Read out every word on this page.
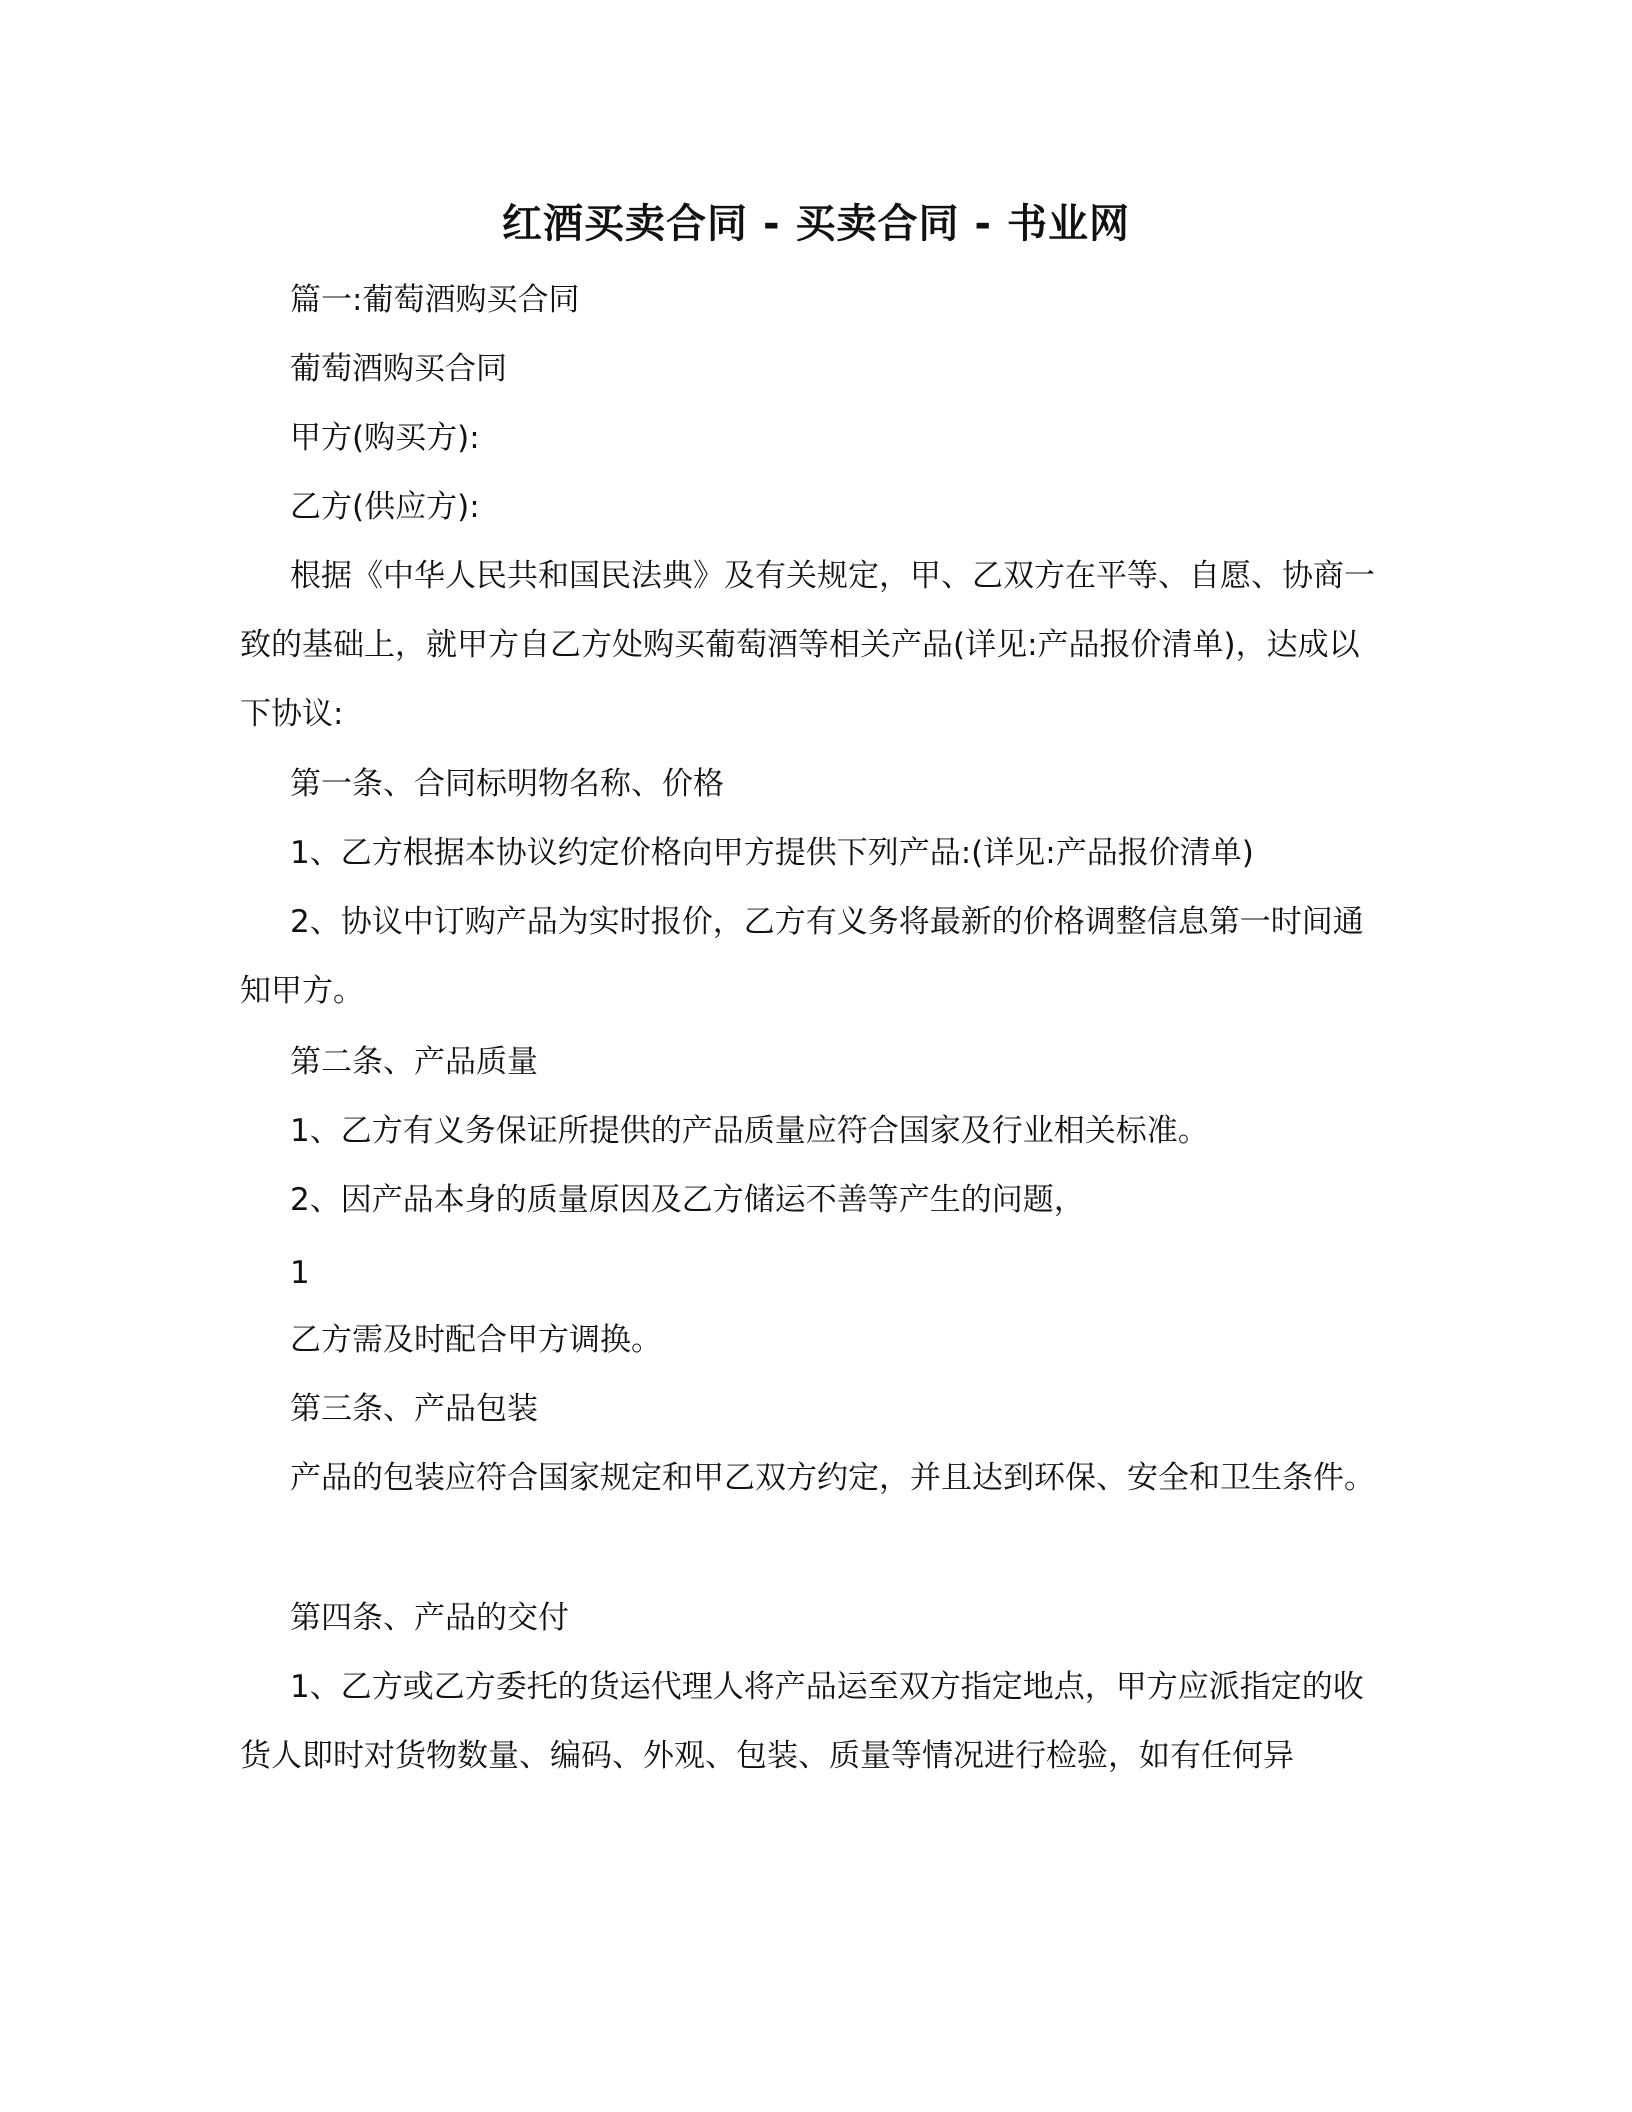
红酒买卖合同 - 买卖合同 - 书业网
篇一:葡萄酒购买合同
葡萄酒购买合同
甲方(购买方):
乙方(供应方):

根据《中华人民共和国民法典》及有关规定，甲、乙双方在平等、自愿、协商一致的基础上，就甲方自乙方处购买葡萄酒等相关产品(详见:产品报价清单)，达成以下协议:

第一条、合同标明物名称、价格
1、乙方根据本协议约定价格向甲方提供下列产品:(详见:产品报价清单)

2、协议中订购产品为实时报价，乙方有义务将最新的价格调整信息第一时间通知甲方。

第二条、产品质量
1、乙方有义务保证所提供的产品质量应符合国家及行业相关标准。
2、因产品本身的质量原因及乙方储运不善等产生的问题，
1
乙方需及时配合甲方调换。
第三条、产品包装

产品的包装应符合国家规定和甲乙双方约定，并且达到环保、安全和卫生条件。

第四条、产品的交付

1、乙方或乙方委托的货运代理人将产品运至双方指定地点，甲方应派指定的收货人即时对货物数量、编码、外观、包装、质量等情况进行检验，如有任何异
